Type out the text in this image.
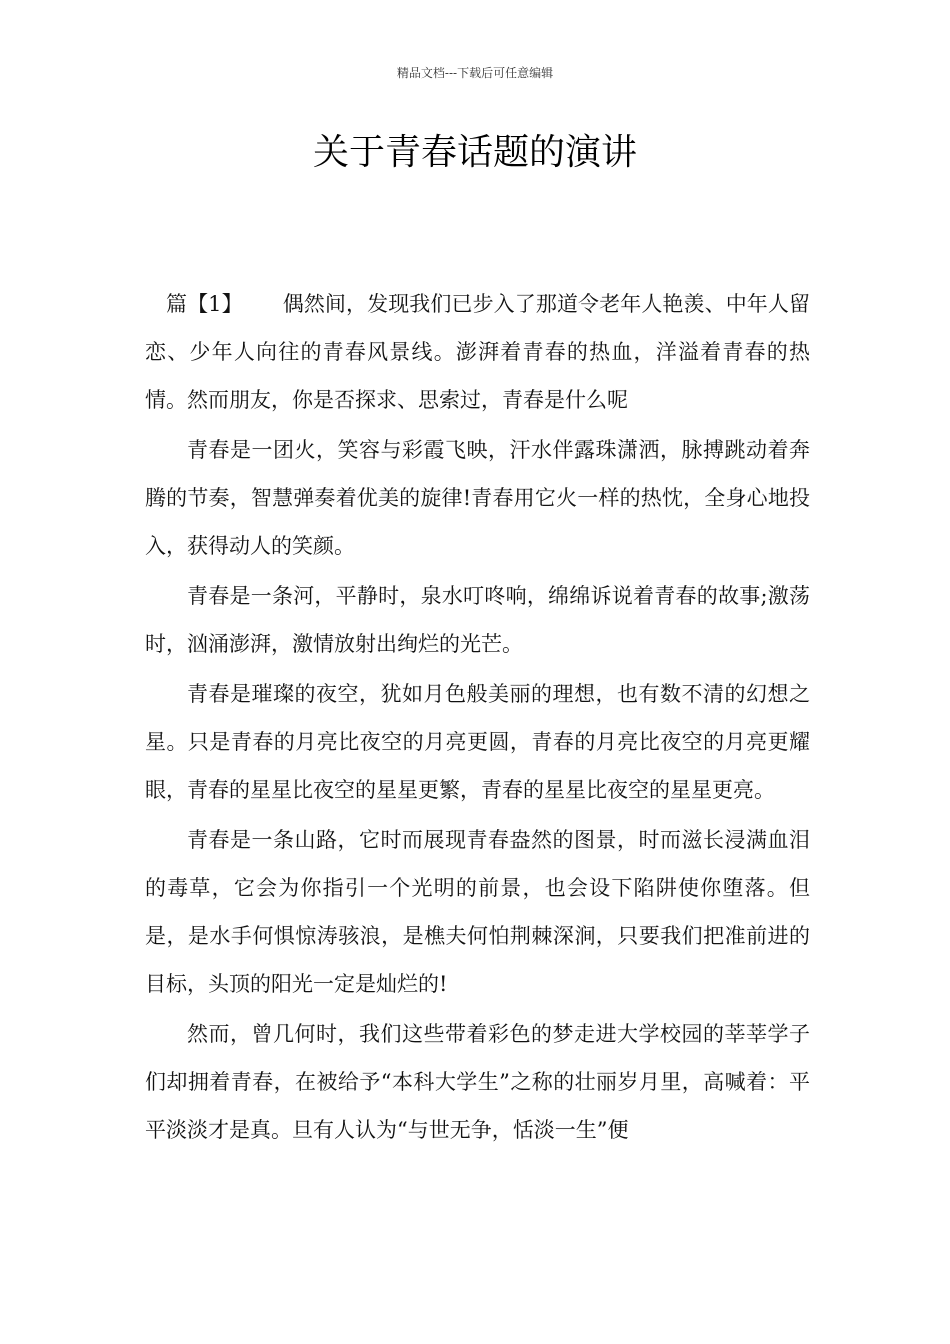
精品文档---下载后可任意编辑
关于青春话题的演讲

篇【1】 偶然间，发现我们已步入了那道令老年人艳羡、中年人留恋、少年人向往的青春风景线。澎湃着青春的热血，洋溢着青春的热情。然而朋友，你是否探求、思索过，青春是什么呢

青春是一团火，笑容与彩霞飞映，汗水伴露珠潇洒，脉搏跳动着奔腾的节奏，智慧弹奏着优美的旋律!青春用它火一样的热忱，全身心地投入，获得动人的笑颜。

青春是一条河，平静时，泉水叮咚响，绵绵诉说着青春的故事;激荡时，汹涌澎湃，激情放射出绚烂的光芒。

青春是璀璨的夜空，犹如月色般美丽的理想，也有数不清的幻想之星。只是青春的月亮比夜空的月亮更圆，青春的月亮比夜空的月亮更耀眼，青春的星星比夜空的星星更繁，青春的星星比夜空的星星更亮。

青春是一条山路，它时而展现青春盎然的图景，时而滋长浸满血泪的毒草，它会为你指引一个光明的前景，也会设下陷阱使你堕落。但是，是水手何惧惊涛骇浪，是樵夫何怕荆棘深涧，只要我们把准前进的目标，头顶的阳光一定是灿烂的!

然而，曾几何时，我们这些带着彩色的梦走进大学校园的莘莘学子们却拥着青春，在被给予“本科大学生”之称的壮丽岁月里，高喊着：平平淡淡才是真。旦有人认为“与世无争，恬淡一生”便
